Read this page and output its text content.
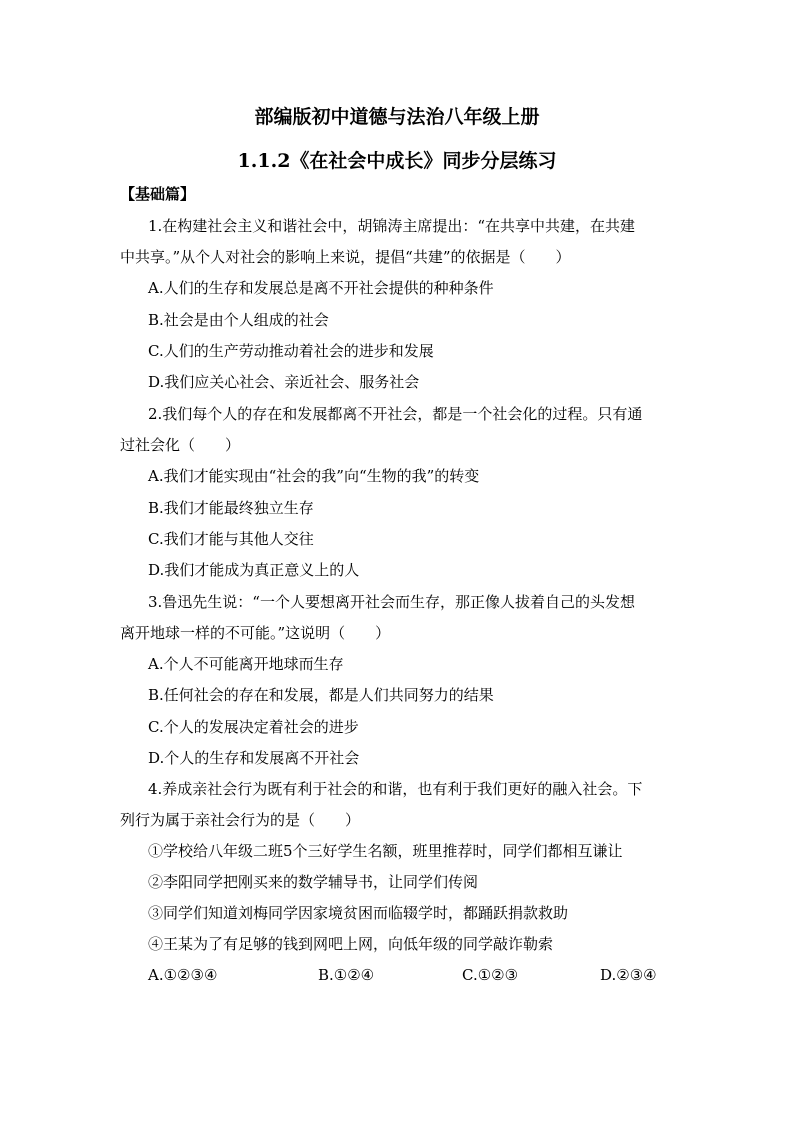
部编版初中道德与法治八年级上册
1.1.2《在社会中成长》同步分层练习
【基础篇】
1.在构建社会主义和谐社会中，胡锦涛主席提出：“在共享中共建，在共建
中共享。”从个人对社会的影响上来说，提倡“共建”的依据是（　　）
A.人们的生存和发展总是离不开社会提供的种种条件
B.社会是由个人组成的社会
C.人们的生产劳动推动着社会的进步和发展
D.我们应关心社会、亲近社会、服务社会
2.我们每个人的存在和发展都离不开社会，都是一个社会化的过程。只有通
过社会化（　　）
A.我们才能实现由“社会的我”向“生物的我”的转变
B.我们才能最终独立生存
C.我们才能与其他人交往
D.我们才能成为真正意义上的人
3.鲁迅先生说：“一个人要想离开社会而生存，那正像人拔着自己的头发想
离开地球一样的不可能。”这说明（　　）
A.个人不可能离开地球而生存
B.任何社会的存在和发展，都是人们共同努力的结果
C.个人的发展决定着社会的进步
D.个人的生存和发展离不开社会
4.养成亲社会行为既有利于社会的和谐，也有利于我们更好的融入社会。下
列行为属于亲社会行为的是（　　）
①学校给八年级二班5个三好学生名额，班里推荐时，同学们都相互谦让
②李阳同学把刚买来的数学辅导书，让同学们传阅
③同学们知道刘梅同学因家境贫困而临辍学时，都踊跃捐款救助
④王某为了有足够的钱到网吧上网，向低年级的同学敲诈勒索
A.①②③④	B.①②④	C.①②③	D.②③④
